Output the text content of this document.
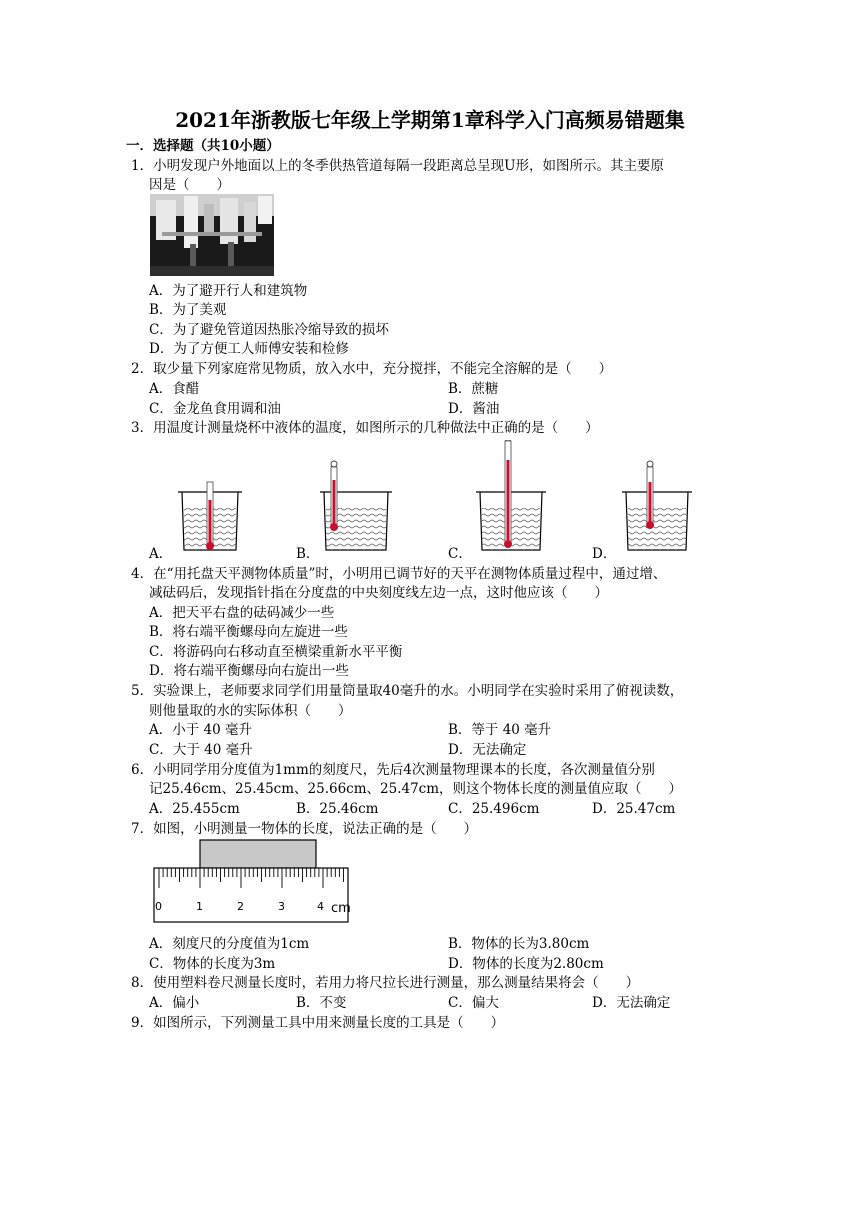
2021年浙教版七年级上学期第1章科学入门高频易错题集
一．选择题（共10小题）
1．小明发现户外地面以上的冬季供热管道每隔一段距离总呈现U形，如图所示。其主要原
因是（　　）
A．为了避开行人和建筑物
B．为了美观
C．为了避免管道因热胀冷缩导致的损坏
D．为了方便工人师傅安装和检修
2．取少量下列家庭常见物质，放入水中，充分搅拌，不能完全溶解的是（　　）
A．食醋	B．蔗糖
C．金龙鱼食用调和油	D．酱油
3．用温度计测量烧杯中液体的温度，如图所示的几种做法中正确的是（　　）
A．	B．	C．	D．
4．在“用托盘天平测物体质量”时，小明用已调节好的天平在测物体质量过程中，通过增、
减砝码后，发现指针指在分度盘的中央刻度线左边一点，这时他应该（　　）
A．把天平右盘的砝码减少一些
B．将右端平衡螺母向左旋进一些
C．将游码向右移动直至横梁重新水平平衡
D．将右端平衡螺母向右旋出一些
5．实验课上，老师要求同学们用量筒量取40毫升的水。小明同学在实验时采用了俯视读数，
则他量取的水的实际体积（　　）
A．小于 40 毫升	B．等于 40 毫升
C．大于 40 毫升	D．无法确定
6．小明同学用分度值为1mm的刻度尺，先后4次测量物理课本的长度，各次测量值分别
记25.46cm、25.45cm、25.66cm、25.47cm，则这个物体长度的测量值应取（　　）
A．25.455cm	B．25.46cm	C．25.496cm	D．25.47cm
7．如图，小明测量一物体的长度，说法正确的是（　　）
0	1	2	3	4 cm
A．刻度尺的分度值为1cm	B．物体的长为3.80cm
C．物体的长度为3m	D．物体的长度为2.80cm
8．使用塑料卷尺测量长度时，若用力将尺拉长进行测量，那么测量结果将会（　　）
A．偏小	B．不变	C．偏大	D．无法确定
9．如图所示，下列测量工具中用来测量长度的工具是（　　）
